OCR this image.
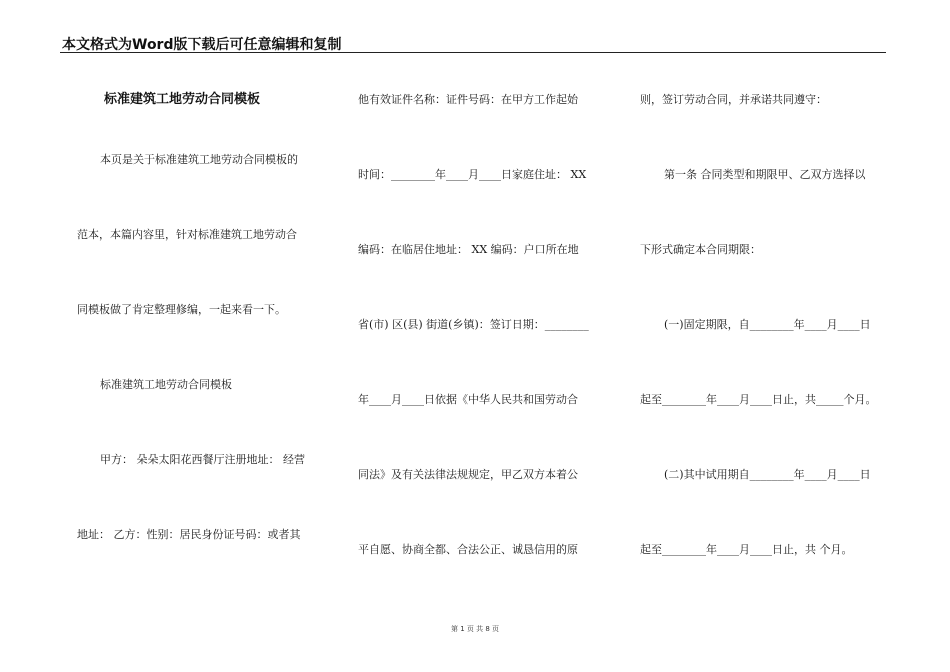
本文格式为Word版下载后可任意编辑和复制
标准建筑工地劳动合同模板
本页是关于标准建筑工地劳动合同模板的
范本，本篇内容里，针对标准建筑工地劳动合
同模板做了肯定整理修编，一起来看一下。
标准建筑工地劳动合同模板
甲方： 朵朵太阳花西餐厅注册地址： 经营
地址： 乙方：性别：居民身份证号码：或者其
他有效证件名称：证件号码：在甲方工作起始
时间：________年____月____日家庭住址： XX
编码：在临居住地址： XX 编码：户口所在地
省(市) 区(县) 街道(乡镇)：签订日期：________
年____月____日依据《中华人民共和国劳动合
同法》及有关法律法规规定，甲乙双方本着公
平自愿、协商全都、合法公正、诚恳信用的原
则，签订劳动合同，并承诺共同遵守：
第一条 合同类型和期限甲、乙双方选择以
下形式确定本合同期限：
(一)固定期限，自________年____月____日
起至________年____月____日止，共_____个月。
(二)其中试用期自________年____月____日
起至________年____月____日止，共 个月。
第 1 页 共 8 页
